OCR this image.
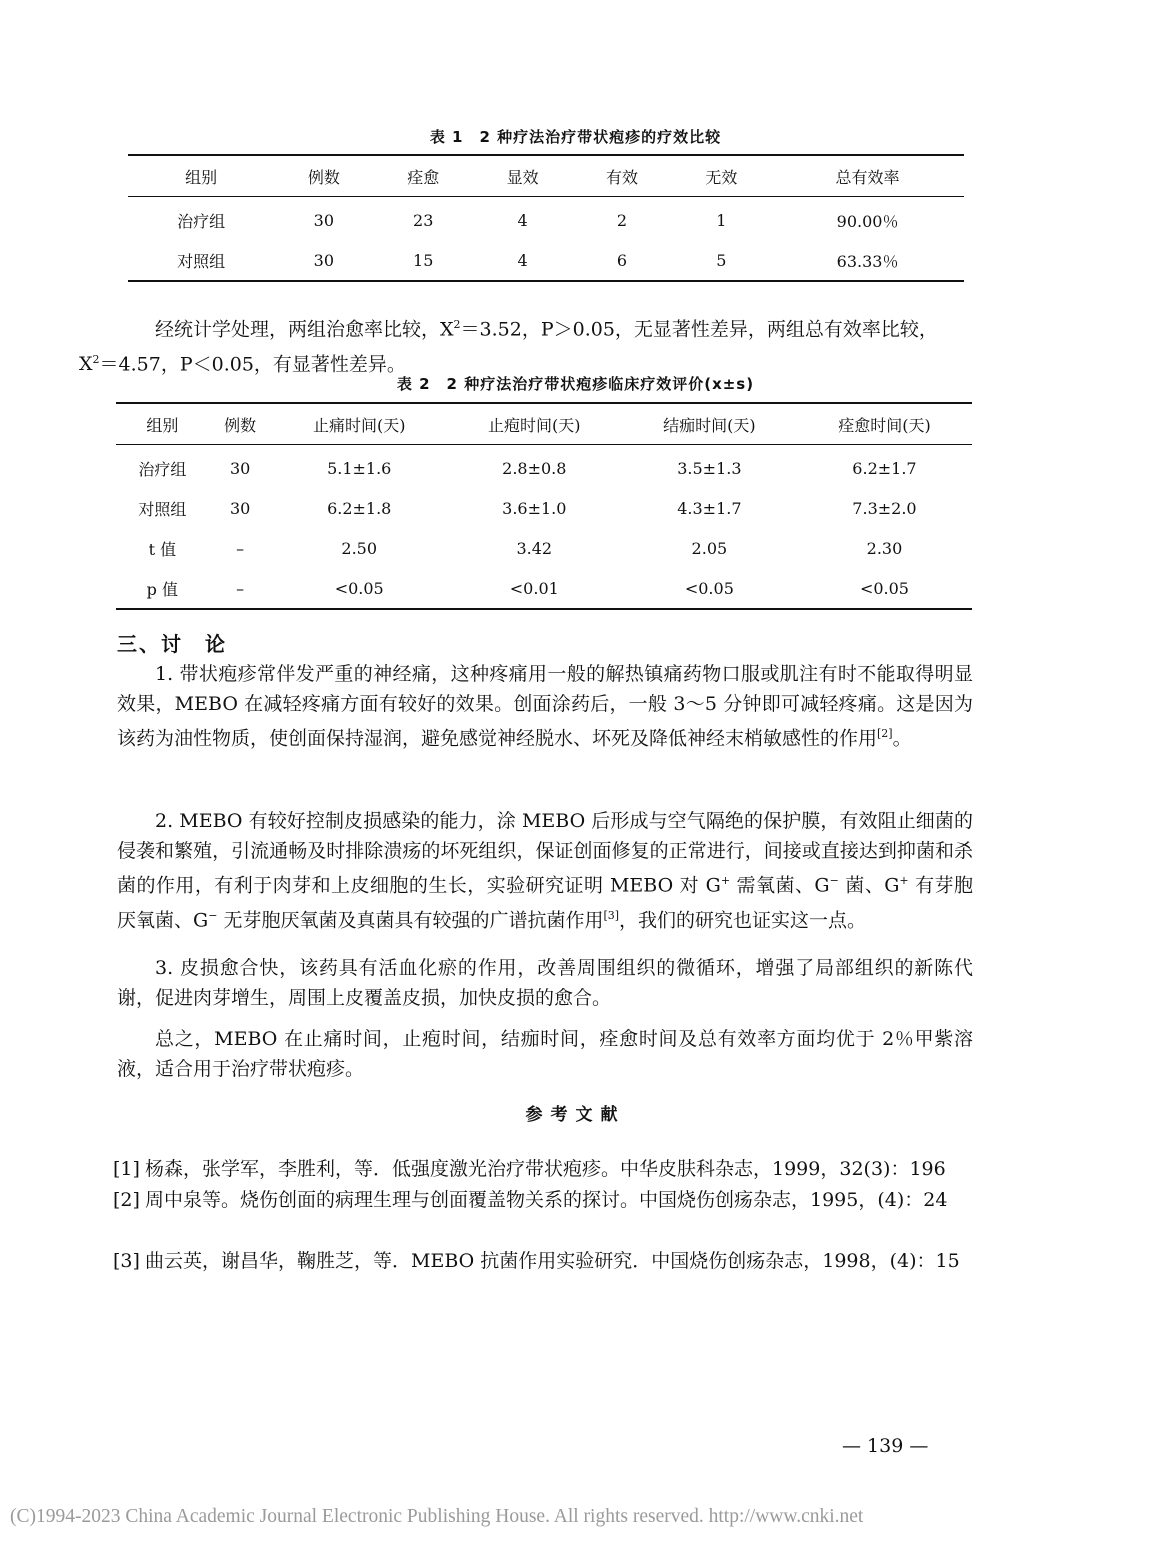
表 1　2 种疗法治疗带状疱疹的疗效比较
组别	例数	痊愈	显效	有效	无效	总有效率
治疗组	30	23	4	2	1	90.00％
对照组	30	15	4	6	5	63.33％
经统计学处理，两组治愈率比较，$X^2=3.52$，P＞0.05，无显著性差异，两组总有效率比较，
$X^2=4.57$，P＜0.05，有显著性差异。
表 2　2 种疗法治疗带状疱疹临床疗效评价(x±s)
组别	例数	止痛时间(天)	止疱时间(天)	结痂时间(天)	痊愈时间(天)
治疗组	30	5.1±1.6	2.8±0.8	3.5±1.3	6.2±1.7
对照组	30	6.2±1.8	3.6±1.0	4.3±1.7	7.3±2.0
t 值	–	2.50	3.42	2.05	2.30
p 值	–	<0.05	<0.01	<0.05	<0.05
三、讨　论
1. 带状疱疹常伴发严重的神经痛，这种疼痛用一般的解热镇痛药物口服或肌注有时不能取得明显效果，MEBO 在减轻疼痛方面有较好的效果。创面涂药后，一般 3～5 分钟即可减轻疼痛。这是因为该药为油性物质，使创面保持湿润，避免感觉神经脱水、坏死及降低神经末梢敏感性的作用[2]。
2. MEBO 有较好控制皮损感染的能力，涂 MEBO 后形成与空气隔绝的保护膜，有效阻止细菌的侵袭和繁殖，引流通畅及时排除溃疡的坏死组织，保证创面修复的正常进行，间接或直接达到抑菌和杀菌的作用，有利于肉芽和上皮细胞的生长，实验研究证明 MEBO 对 G+ 需氧菌、G− 菌、G+ 有芽胞厌氧菌、G− 无芽胞厌氧菌及真菌具有较强的广谱抗菌作用[3]，我们的研究也证实这一点。
3. 皮损愈合快，该药具有活血化瘀的作用，改善周围组织的微循环，增强了局部组织的新陈代谢，促进肉芽增生，周围上皮覆盖皮损，加快皮损的愈合。
总之，MEBO 在止痛时间，止疱时间，结痂时间，痊愈时间及总有效率方面均优于 2％甲紫溶液，适合用于治疗带状疱疹。
参考文献
[1] 杨森，张学军，李胜利，等．低强度激光治疗带状疱疹。中华皮肤科杂志，1999，32(3)：196
[2] 周中泉等。烧伤创面的病理生理与创面覆盖物关系的探讨。中国烧伤创疡杂志，1995，(4)：24
[3] 曲云英，谢昌华，鞠胜芝，等．MEBO 抗菌作用实验研究．中国烧伤创疡杂志，1998，(4)：15
— 139 —
(C)1994-2023 China Academic Journal Electronic Publishing House. All rights reserved. http://www.cnki.net
